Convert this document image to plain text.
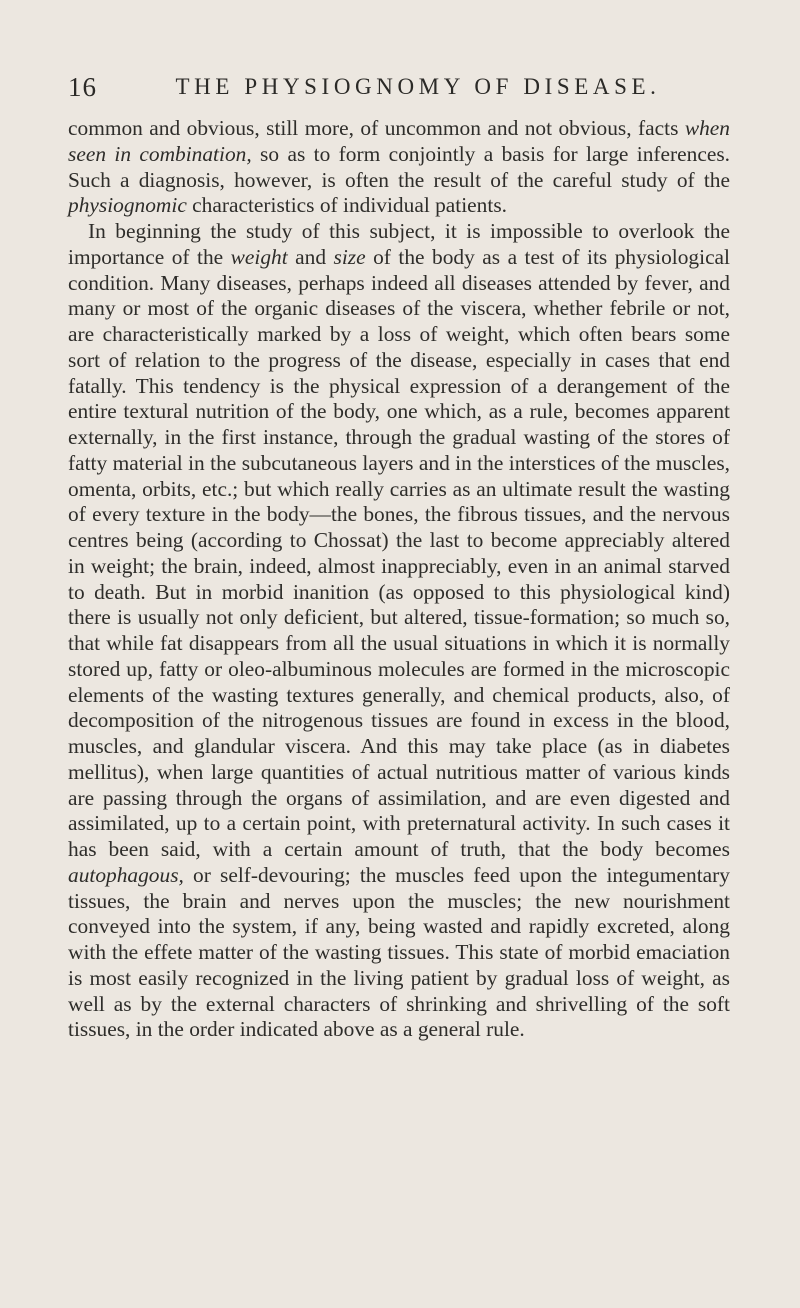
16	THE PHYSIOGNOMY OF DISEASE.

common and obvious, still more, of uncommon and not obvious, facts when seen in combination, so as to form conjointly a basis for large inferences. Such a diagnosis, however, is often the result of the careful study of the physiognomic characteristics of individual patients.

In beginning the study of this subject, it is impossible to overlook the importance of the weight and size of the body as a test of its physiological condition. Many diseases, perhaps indeed all diseases attended by fever, and many or most of the organic diseases of the viscera, whether febrile or not, are characteristically marked by a loss of weight, which often bears some sort of relation to the progress of the disease, especially in cases that end fatally. This tendency is the physical expression of a derangement of the entire textural nutrition of the body, one which, as a rule, becomes apparent externally, in the first instance, through the gradual wasting of the stores of fatty material in the subcutaneous layers and in the interstices of the muscles, omenta, orbits, etc.; but which really carries as an ultimate result the wasting of every texture in the body—the bones, the fibrous tissues, and the nervous centres being (according to Chossat) the last to become appreciably altered in weight; the brain, indeed, almost inappreciably, even in an animal starved to death. But in morbid inanition (as opposed to this physiological kind) there is usually not only deficient, but altered, tissue-formation; so much so, that while fat disappears from all the usual situations in which it is normally stored up, fatty or oleo-albuminous molecules are formed in the microscopic elements of the wasting textures generally, and chemical products, also, of decomposition of the nitrogenous tissues are found in excess in the blood, muscles, and glandular viscera. And this may take place (as in diabetes mellitus), when large quantities of actual nutritious matter of various kinds are passing through the organs of assimilation, and are even digested and assimilated, up to a certain point, with preternatural activity. In such cases it has been said, with a certain amount of truth, that the body becomes autophagous, or self-devouring; the muscles feed upon the integumentary tissues, the brain and nerves upon the muscles; the new nourishment conveyed into the system, if any, being wasted and rapidly excreted, along with the effete matter of the wasting tissues. This state of morbid emaciation is most easily recognized in the living patient by gradual loss of weight, as well as by the external characters of shrinking and shrivelling of the soft tissues, in the order indicated above as a general rule.
